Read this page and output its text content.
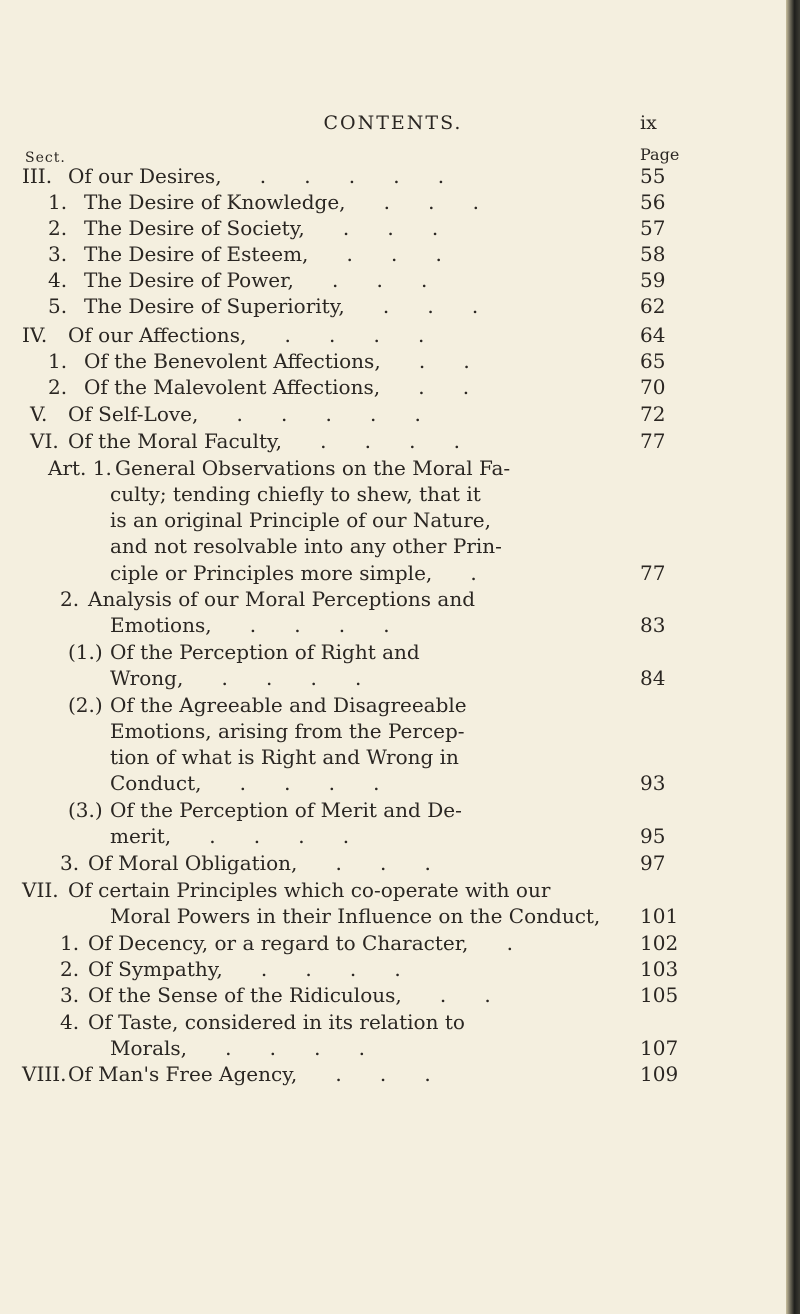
CONTENTS.	ix
Sect.	Page
III. Of our Desires,      .      .      .      .      .	55
1. The Desire of Knowledge,      .      .      .	56
2. The Desire of Society,      .      .      .	57
3. The Desire of Esteem,      .      .      .	58
4. The Desire of Power,      .      .      .	59
5. The Desire of Superiority,      .      .      .	62
IV. Of our Affections,      .      .      .      .	64
1. Of the Benevolent Affections,      .      .	65
2. Of the Malevolent Affections,      .      .	70
V. Of Self-Love,      .      .      .      .      .	72
VI. Of the Moral Faculty,      .      .      .      .	77
Art. 1. General Observations on the Moral Fa-
culty; tending chiefly to shew, that it
is an original Principle of our Nature,
and not resolvable into any other Prin-
ciple or Principles more simple,      .	77
2. Analysis of our Moral Perceptions and
Emotions,      .      .      .      .	83
(1.) Of the Perception of Right and
Wrong,      .      .      .      .	84
(2.) Of the Agreeable and Disagreeable
Emotions, arising from the Percep-
tion of what is Right and Wrong in
Conduct,      .      .      .      .	93
(3.) Of the Perception of Merit and De-
merit,      .      .      .      .	95
3. Of Moral Obligation,      .      .      .	97
VII. Of certain Principles which co-operate with our
Moral Powers in their Influence on the Conduct, 101
1. Of Decency, or a regard to Character,      .	102
2. Of Sympathy,      .      .      .      .	103
3. Of the Sense of the Ridiculous,      .      .	105
4. Of Taste, considered in its relation to
Morals,      .      .      .      .	107
VIII. Of Man's Free Agency,      .      .      .	109
